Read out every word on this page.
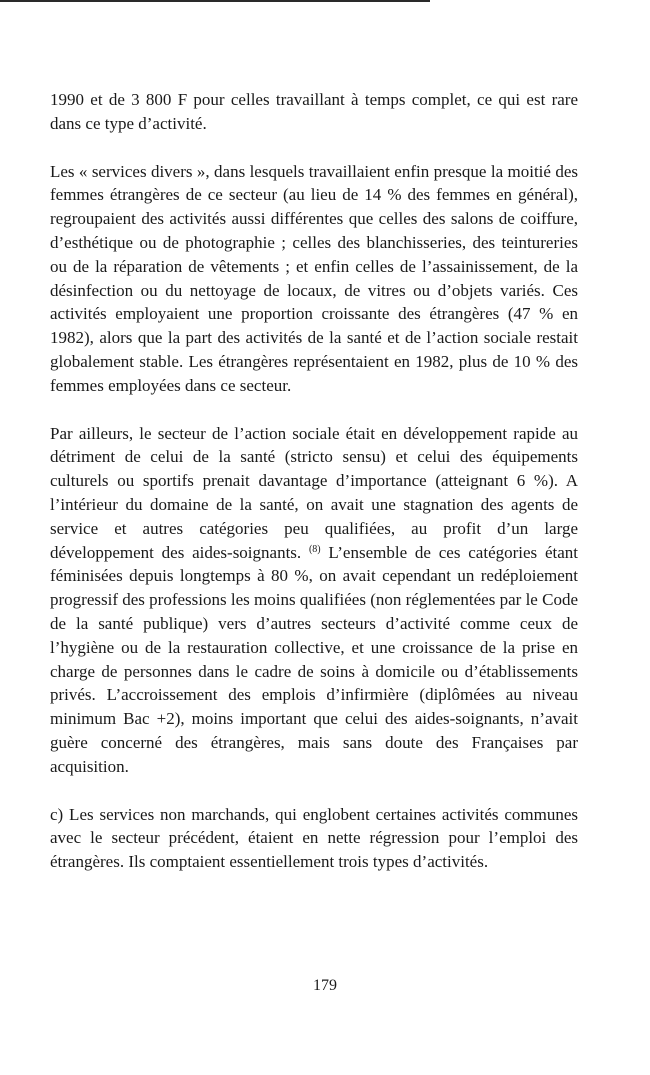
1990 et de 3 800 F pour celles travaillant à temps complet, ce qui est rare dans ce type d’activité.

Les « services divers », dans lesquels travaillaient enfin presque la moitié des femmes étrangères de ce secteur (au lieu de 14 % des femmes en général), regroupaient des activités aussi différentes que celles des salons de coiffure, d’esthétique ou de photographie ; celles des blanchisseries, des teintureries ou de la réparation de vêtements ; et enfin celles de l’assainissement, de la désinfection ou du nettoyage de locaux, de vitres ou d’objets variés. Ces activités employaient une proportion croissante des étrangères (47 % en 1982), alors que la part des activités de la santé et de l’action sociale restait globalement stable. Les étrangères représentaient en 1982, plus de 10 % des femmes employées dans ce secteur.

Par ailleurs, le secteur de l’action sociale était en développement rapide au détriment de celui de la santé (stricto sensu) et celui des équipements culturels ou sportifs prenait davantage d’importance (atteignant 6 %). A l’intérieur du domaine de la santé, on avait une stagnation des agents de service et autres catégories peu qualifiées, au profit d’un large développement des aides-soignants. $^{(8)}$ L’ensemble de ces catégories étant féminisées depuis longtemps à 80 %, on avait cependant un redéploiement progressif des professions les moins qualifiées (non réglementées par le Code de la santé publique) vers d’autres secteurs d’activité comme ceux de l’hygiène ou de la restauration collective, et une croissance de la prise en charge de personnes dans le cadre de soins à domicile ou d’établissements privés. L’accroissement des emplois d’infirmière (diplômées au niveau minimum Bac +2), moins important que celui des aides-soignants, n’avait guère concerné des étrangères, mais sans doute des Françaises par acquisition.

c) Les services non marchands, qui englobent certaines activités communes avec le secteur précédent, étaient en nette régression pour l’emploi des étrangères. Ils comptaient essentiellement trois types d’activités.

179
